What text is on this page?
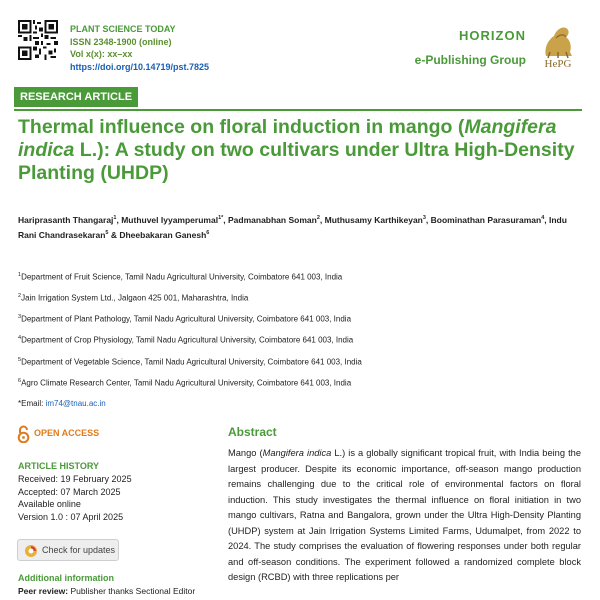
PLANT SCIENCE TODAY
ISSN 2348-1900 (online)
Vol x(x): xx–xx
https://doi.org/10.14719/pst.7825
HORIZON
e-Publishing Group	HePG
RESEARCH ARTICLE
Thermal influence on floral induction in mango (Mangifera indica L.): A study on two cultivars under Ultra High-Density Planting (UHDP)
Hariprasanth Thangaraj$^1$, Muthuvel Iyyamperumal$^{1*}$, Padmanabhan Soman$^2$, Muthusamy Karthikeyan$^3$, Boominathan Parasuraman$^4$, Indu Rani Chandrasekaran$^5$ & Dheebakaran Ganesh$^6$
$^1$Department of Fruit Science, Tamil Nadu Agricultural University, Coimbatore 641 003, India
$^2$Jain Irrigation System Ltd., Jalgaon 425 001, Maharashtra, India
$^3$Department of Plant Pathology, Tamil Nadu Agricultural University, Coimbatore 641 003, India
$^4$Department of Crop Physiology, Tamil Nadu Agricultural University, Coimbatore 641 003, India
$^5$Department of Vegetable Science, Tamil Nadu Agricultural University, Coimbatore 641 003, India
$^6$Agro Climate Research Center, Tamil Nadu Agricultural University, Coimbatore 641 003, India
*Email: im74@tnau.ac.in
OPEN ACCESS
ARTICLE HISTORY
Received: 19 February 2025
Accepted: 07 March 2025
Available online
Version 1.0 : 07 April 2025
Check for updates
Additional information
Peer review: Publisher thanks Sectional Editor
Abstract

Mango (Mangifera indica L.) is a globally significant tropical fruit, with India being the largest producer. Despite its economic importance, off-season mango production remains challenging due to the critical role of environmental factors on floral induction. This study investigates the thermal influence on floral initiation in two mango cultivars, Ratna and Bangalora, grown under the Ultra High-Density Planting (UHDP) system at Jain Irrigation Systems Limited Farms, Udumalpet, from 2022 to 2024. The study comprises the evaluation of flowering responses under both regular and off-season conditions. The experiment followed a randomized complete block design (RCBD) with three replications per
